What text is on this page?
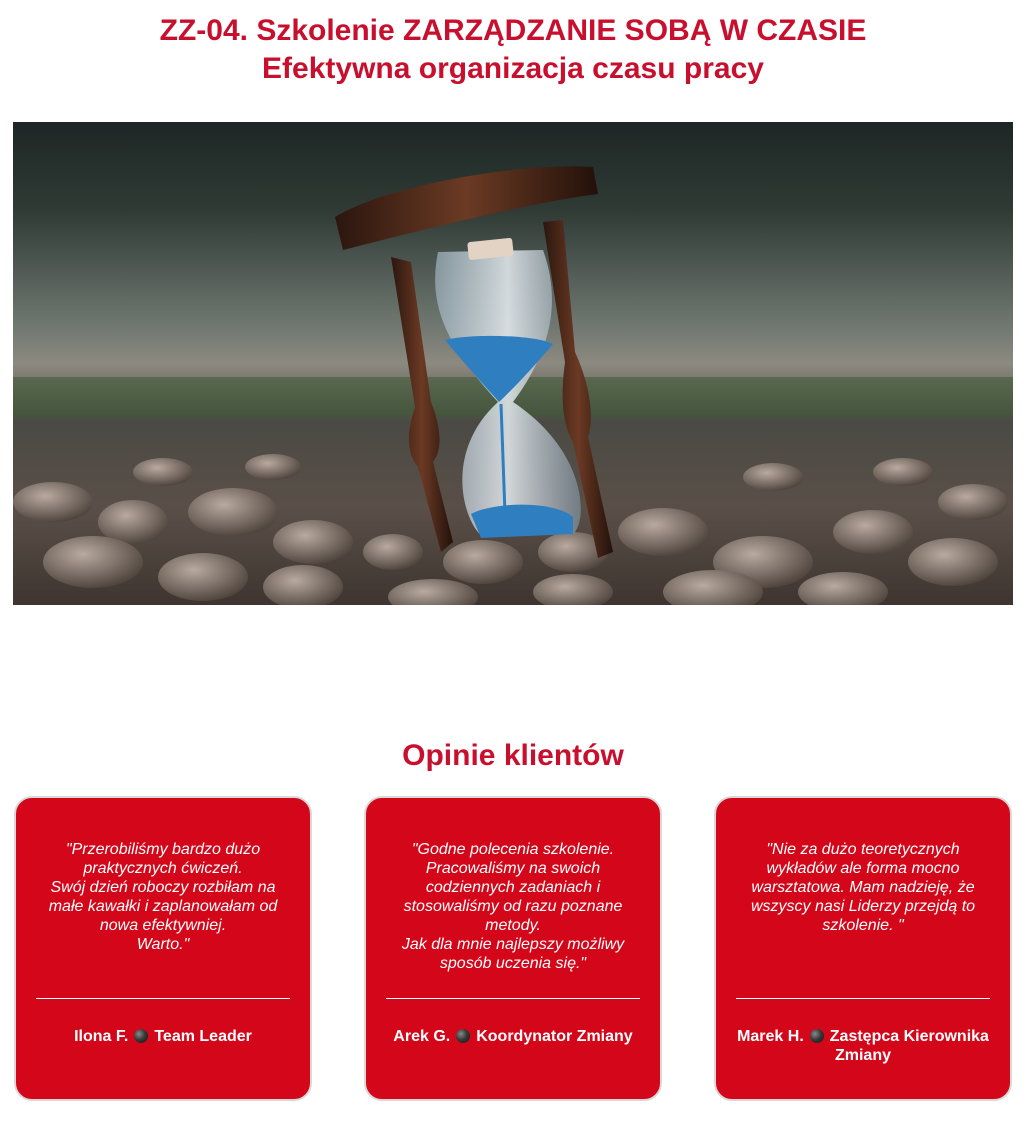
ZZ-04. Szkolenie ZARZĄDZANIE SOBĄ W CZASIE
Efektywna organizacja czasu pracy
Opinie klientów

"Przerobiliśmy bardzo dużo praktycznych ćwiczeń.
Swój dzień roboczy rozbiłam na małe kawałki i zaplanowałam od nowa efektywniej.
Warto."

Ilona F. Team Leader

"Godne polecenia szkolenie. Pracowaliśmy na swoich codziennych zadaniach i stosowaliśmy od razu poznane metody.
Jak dla mnie najlepszy możliwy sposób uczenia się."

Arek G. Koordynator Zmiany

"Nie za dużo teoretycznych wykładów ale forma mocno warsztatowa. Mam nadzieję, że wszyscy nasi Liderzy przejdą to szkolenie. "

Marek H. Zastępca Kierownika Zmiany
